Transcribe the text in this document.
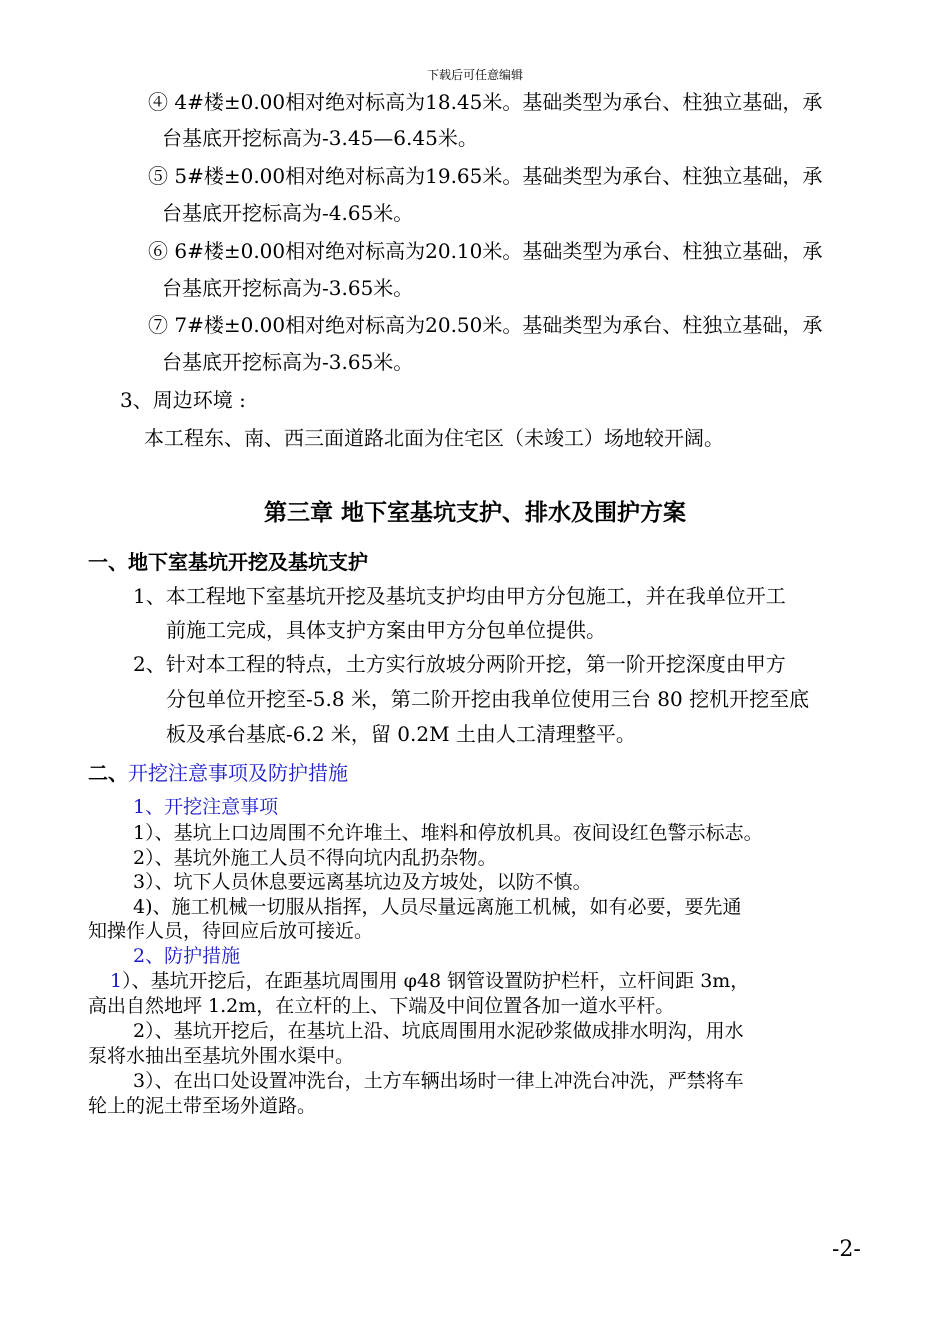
下载后可任意编辑
④ 4#楼±0.00相对绝对标高为18.45米。基础类型为承台、柱独立基础，承
台基底开挖标高为-3.45—6.45米。
⑤ 5#楼±0.00相对绝对标高为19.65米。基础类型为承台、柱独立基础，承
台基底开挖标高为-4.65米。
⑥ 6#楼±0.00相对绝对标高为20.10米。基础类型为承台、柱独立基础，承
台基底开挖标高为-3.65米。
⑦ 7#楼±0.00相对绝对标高为20.50米。基础类型为承台、柱独立基础，承
台基底开挖标高为-3.65米。
3、周边环境 :
本工程东、南、西三面道路北面为住宅区（未竣工）场地较开阔。
第三章 地下室基坑支护、排水及围护方案
一、地下室基坑开挖及基坑支护
1、本工程地下室基坑开挖及基坑支护均由甲方分包施工，并在我单位开工
前施工完成，具体支护方案由甲方分包单位提供。
2、针对本工程的特点，土方实行放坡分两阶开挖，第一阶开挖深度由甲方
分包单位开挖至-5.8 米，第二阶开挖由我单位使用三台 80 挖机开挖至底
板及承台基底-6.2 米，留 0.2M 土由人工清理整平。
二、开挖注意事项及防护措施
1、开挖注意事项
1）、基坑上口边周围不允许堆土、堆料和停放机具。夜间设红色警示标志。
2）、基坑外施工人员不得向坑内乱扔杂物。
3）、坑下人员休息要远离基坑边及方坡处，以防不慎。
4)、施工机械一切服从指挥，人员尽量远离施工机械，如有必要，要先通
知操作人员，待回应后放可接近。
2、防护措施
1）、基坑开挖后，在距基坑周围用 φ48 钢管设置防护栏杆，立杆间距 3m，
高出自然地坪 1.2m，在立杆的上、下端及中间位置各加一道水平杆。
2）、基坑开挖后，在基坑上沿、坑底周围用水泥砂浆做成排水明沟，用水
泵将水抽出至基坑外围水渠中。
3）、在出口处设置冲洗台，土方车辆出场时一律上冲洗台冲洗，严禁将车
轮上的泥土带至场外道路。
-2-
